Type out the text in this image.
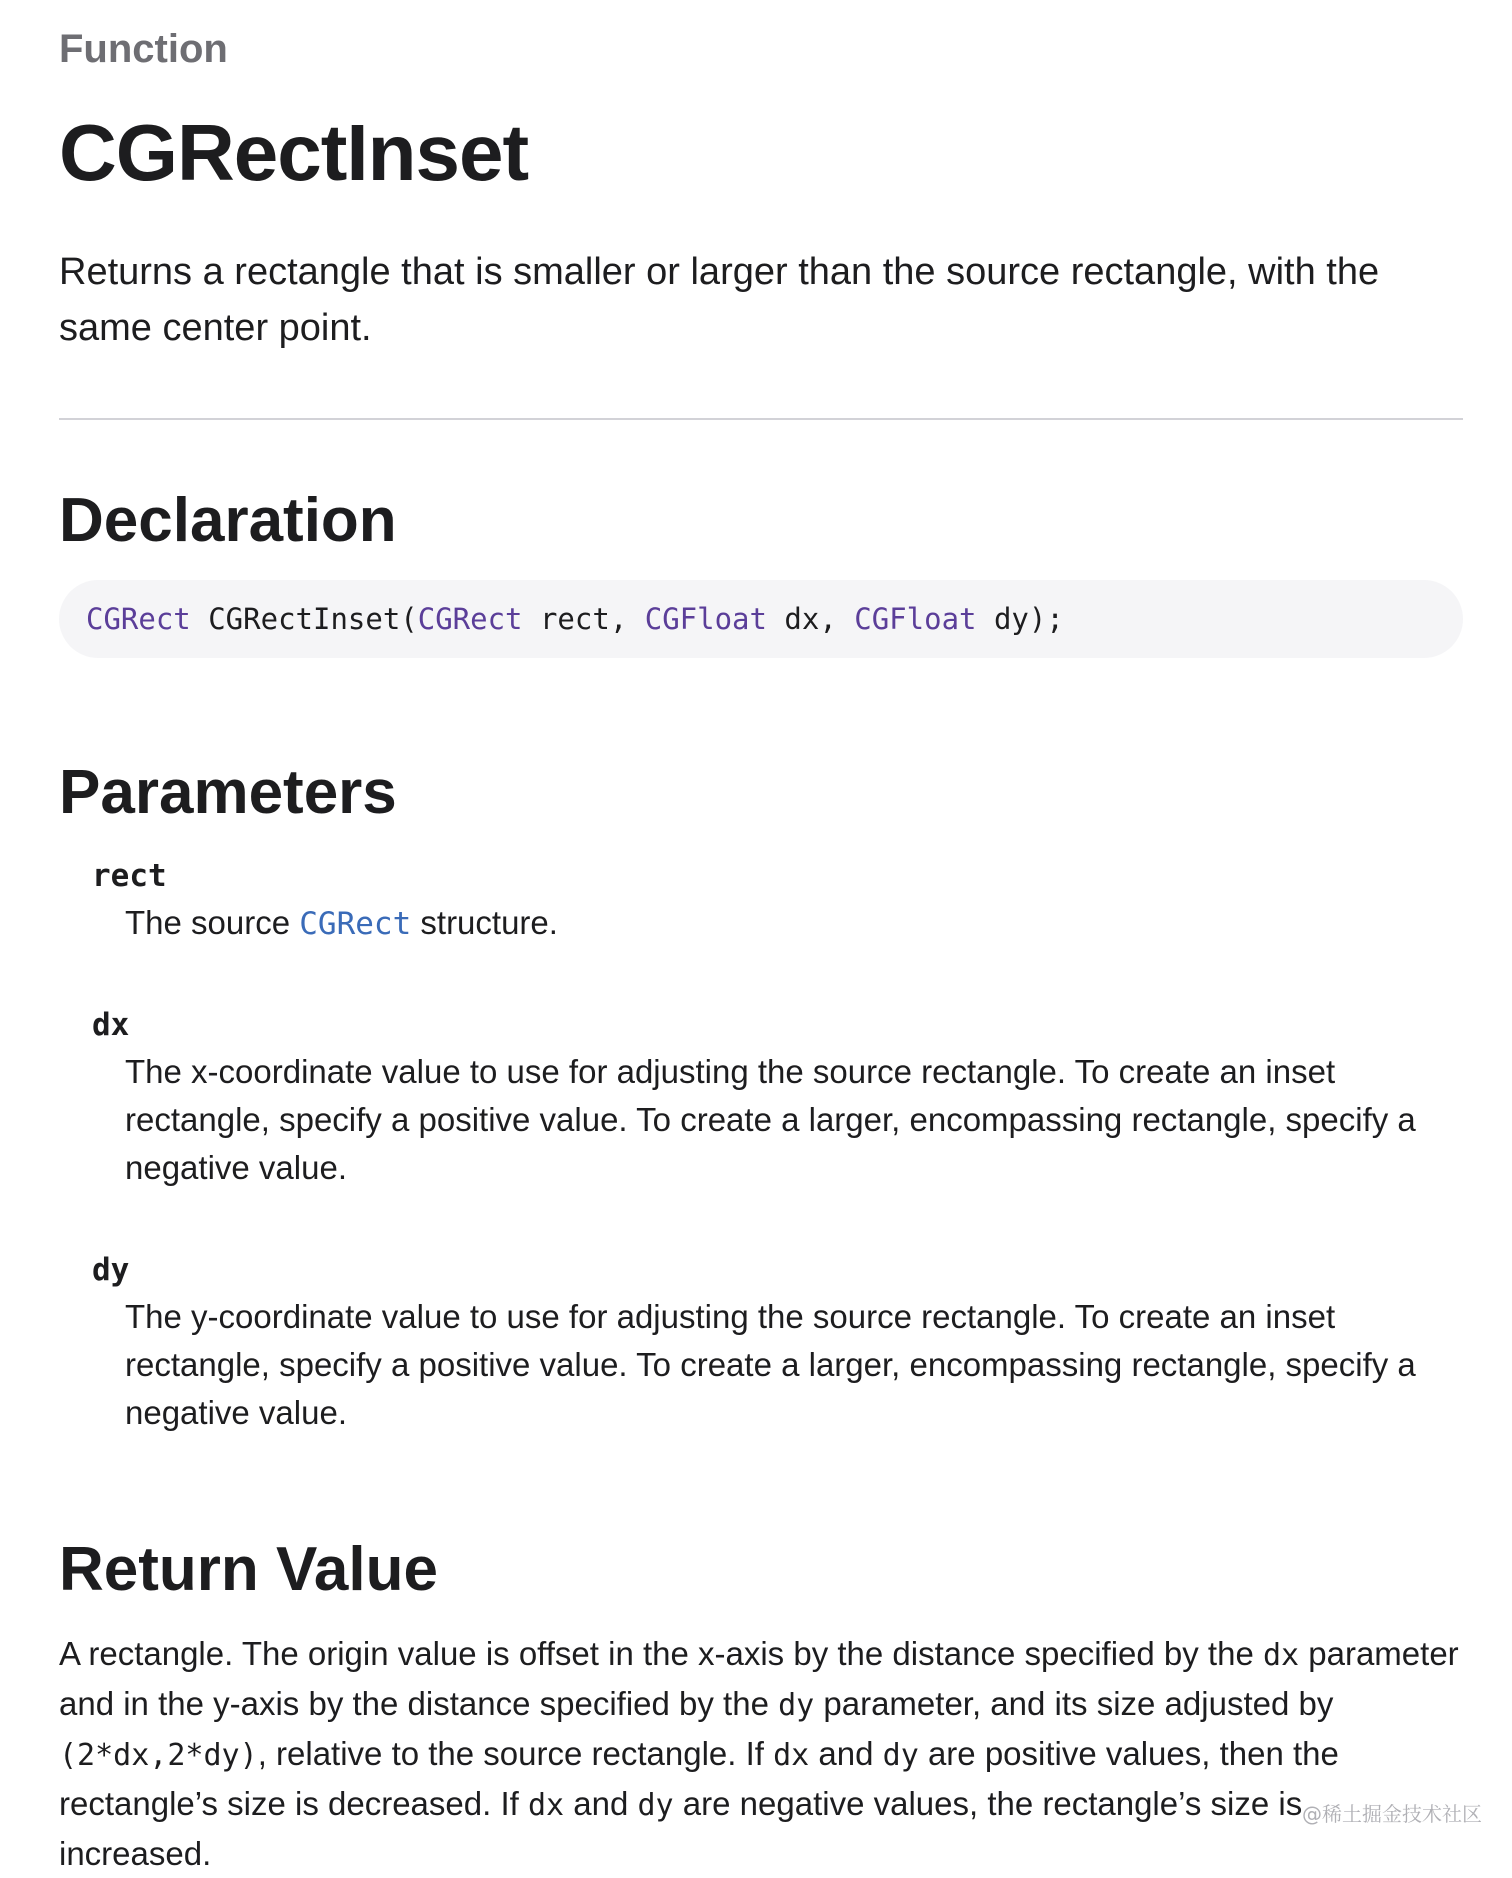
Function
CGRectInset

Returns a rectangle that is smaller or larger than the source rectangle, with the same center point.

Declaration
CGRect CGRectInset(CGRect rect, CGFloat dx, CGFloat dy);
Parameters
rect

The source CGRect structure.

dx

The x-coordinate value to use for adjusting the source rectangle. To create an inset rectangle, specify a positive value. To create a larger, encompassing rectangle, specify a negative value.

dy

The y-coordinate value to use for adjusting the source rectangle. To create an inset rectangle, specify a positive value. To create a larger, encompassing rectangle, specify a negative value.

Return Value

A rectangle. The origin value is offset in the x-axis by the distance specified by the dx parameter and in the y-axis by the distance specified by the dy parameter, and its size adjusted by (2*dx,2*dy), relative to the source rectangle. If dx and dy are positive values, then the rectangle’s size is decreased. If dx and dy are negative values, the rectangle’s size is increased.

@稀土掘金技术社区
